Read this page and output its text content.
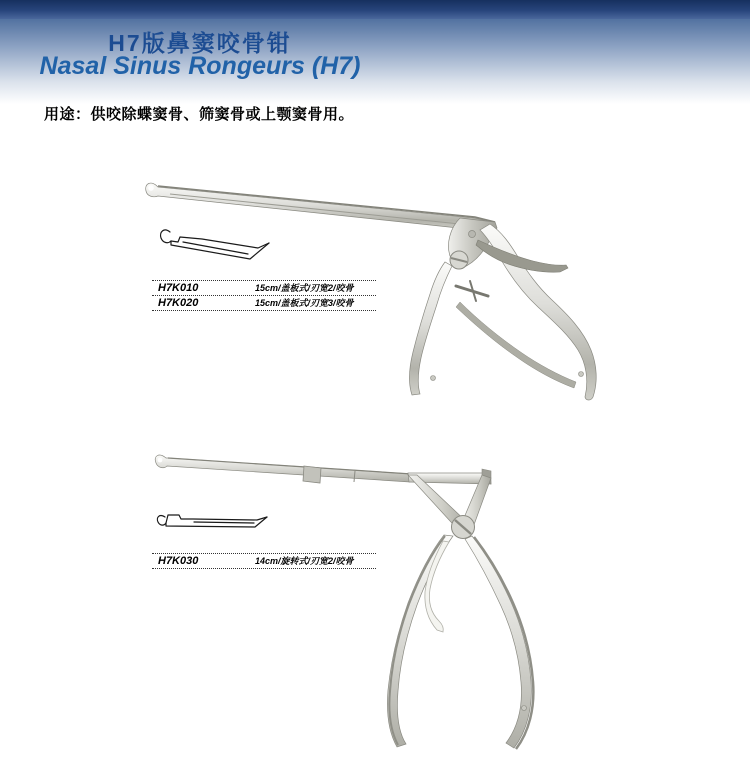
H7版鼻窦咬骨钳
Nasal Sinus Rongeurs (H7)

用途：供咬除蝶窦骨、筛窦骨或上颚窦骨用。

H7K010	15cm/盖板式/刃宽2/咬骨
H7K020	15cm/盖板式/刃宽3/咬骨
H7K030	14cm/旋转式/刃宽2/咬骨
